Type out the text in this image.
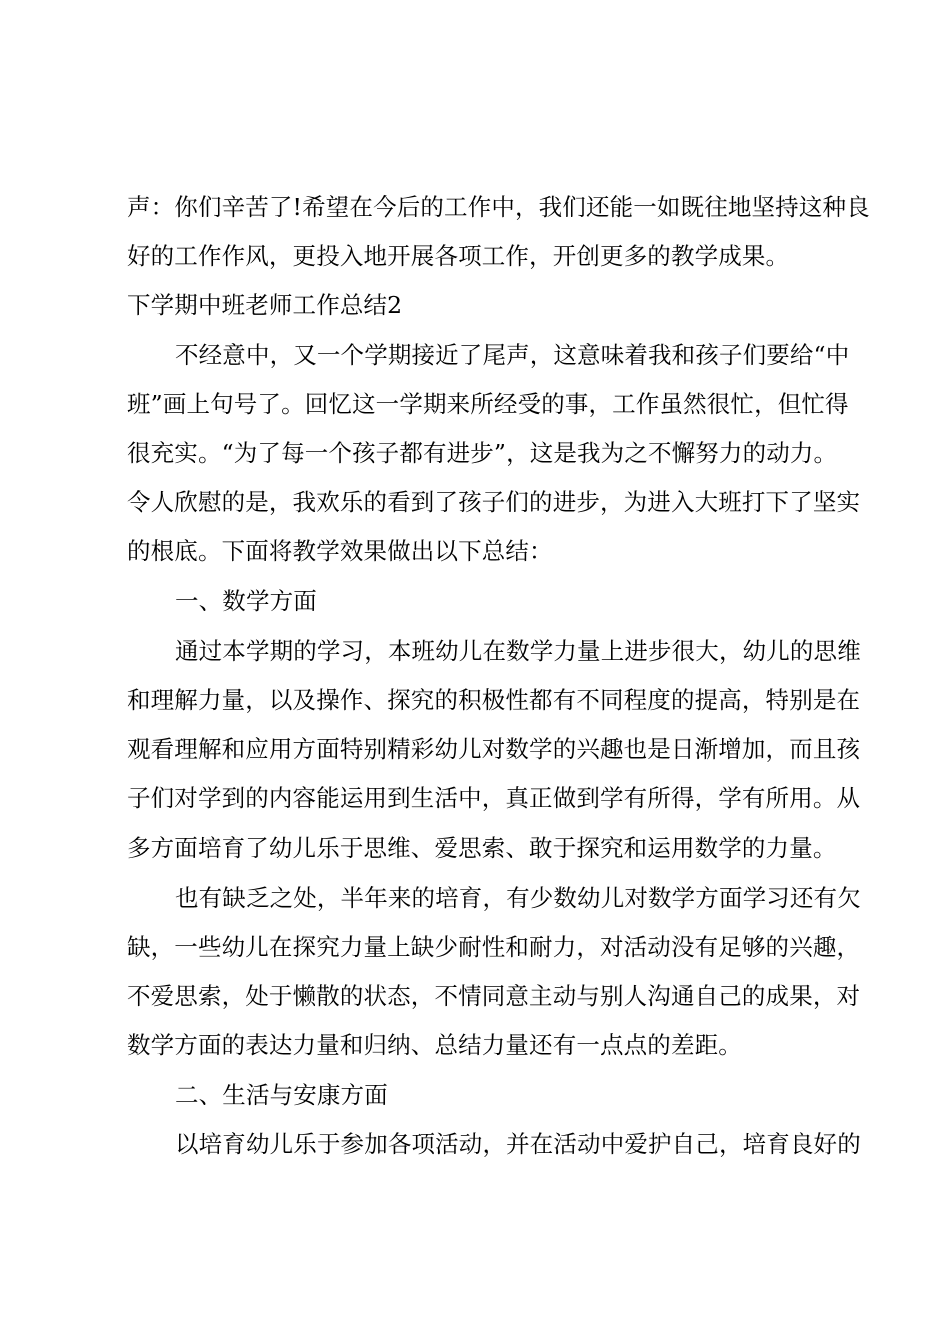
声：你们辛苦了!希望在今后的工作中，我们还能一如既往地坚持这种良
好的工作作风，更投入地开展各项工作，开创更多的教学成果。
下学期中班老师工作总结2
不经意中，又一个学期接近了尾声，这意味着我和孩子们要给“中
班”画上句号了。回忆这一学期来所经受的事，工作虽然很忙，但忙得
很充实。“为了每一个孩子都有进步”，这是我为之不懈努力的动力。
令人欣慰的是，我欢乐的看到了孩子们的进步，为进入大班打下了坚实
的根底。下面将教学效果做出以下总结：
一、数学方面
通过本学期的学习，本班幼儿在数学力量上进步很大，幼儿的思维
和理解力量，以及操作、探究的积极性都有不同程度的提高，特别是在
观看理解和应用方面特别精彩幼儿对数学的兴趣也是日渐增加，而且孩
子们对学到的内容能运用到生活中，真正做到学有所得，学有所用。从
多方面培育了幼儿乐于思维、爱思索、敢于探究和运用数学的力量。
也有缺乏之处，半年来的培育，有少数幼儿对数学方面学习还有欠
缺，一些幼儿在探究力量上缺少耐性和耐力，对活动没有足够的兴趣，
不爱思索，处于懒散的状态，不情同意主动与别人沟通自己的成果，对
数学方面的表达力量和归纳、总结力量还有一点点的差距。
二、生活与安康方面
以培育幼儿乐于参加各项活动，并在活动中爱护自己，培育良好的
